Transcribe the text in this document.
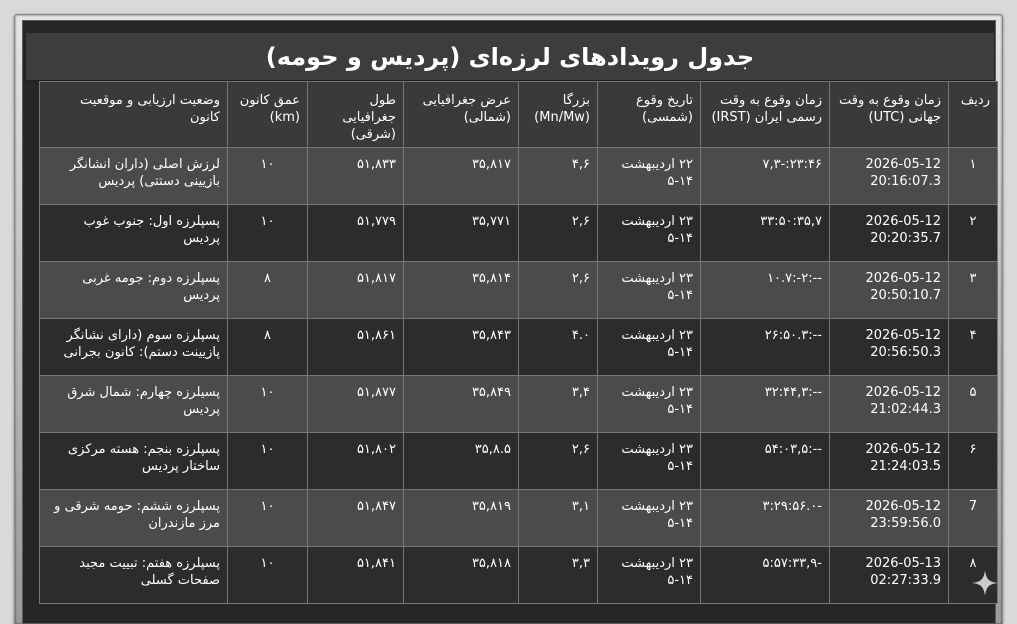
جدول رویدادهای لرزه‌ای (پردیس و حومه)
ردیف	زمان وقوع به وقت جهانی (UTC)	زمان وقوع به وقت رسمی ایران (IRST)	تاریخ وقوع (شمسی)	بزرگا (Mn/Mw)	عرض جغرافیایی (شمالی)	طول جغرافیایی (شرقی)	عمق کانون (km)	وضعیت ارزیابی و موقعیت کانون
۱	2026-05-12 20:16:07.3	۲۳:۴۶:-۷,۳	۲۲ اردیبهشت ۱۴-۵	۴,۶	۳۵,۸۱۷	۵۱,۸۳۳	۱۰	لرزش اصلی (داران انشانگر بازیینی دستتی) پردیس
۲	2026-05-12 20:20:35.7	۳۳:۵۰:۳۵,۷	۲۳ اردیبهشت ۱۴-۵	۲,۶	۳۵,۷۷۱	۵۱,۷۷۹	۱۰	پسپلرزه اول: جنوب غوب پردیس
۳	2026-05-12 20:50:10.7	--:۲-:۱۰.۷	۲۳ اردیبهشت ۱۴-۵	۲,۶	۳۵,۸۱۴	۵۱,۸۱۷	۸	پسپلرزه دوم: جومه غربی پردیس
۴	2026-05-12 20:56:50.3	--:۲۶:۵۰.۳	۲۳ اردیبهشت ۱۴-۵	۴.۰	۳۵,۸۴۳	۵۱,۸۶۱	۸	پسپلرزه سوم (دارای نشانگر پازیینت دستم): کانون بجرانی
۵	2026-05-12 21:02:44.3	--:۳۲:۴۴,۳	۲۳ اردیبهشت ۱۴-۵	۳,۴	۳۵,۸۴۹	۵۱,۸۷۷	۱۰	پسیلرزه چهارم: شمال شرق پردیس
۶	2026-05-12 21:24:03.5	--:۵۴:۰۳,۵	۲۳ اردیبهشت ۱۴-۵	۲,۶	۳۵,۸.۵	۵۱,۸۰۲	۱۰	پسپلرزه بنجم: هسته مرکزی ساختار پردیس
7	2026-05-12 23:59:56.0	-۳:۲۹:۵۶.۰	۲۳ اردیبهشت ۱۴-۵	۳,۱	۳۵,۸۱۹	۵۱,۸۴۷	۱۰	پسپلرزه ششم: حومه شرقی و مرز مازندران
۸	2026-05-13 02:27:33.9	-۵:۵۷:۳۳,۹	۲۳ اردیبهشت ۱۴-۵	۳,۳	۳۵,۸۱۸	۵۱,۸۴۱	۱۰	پسپلرزه هفتم: تبییت مجبد صفحات گسلی
